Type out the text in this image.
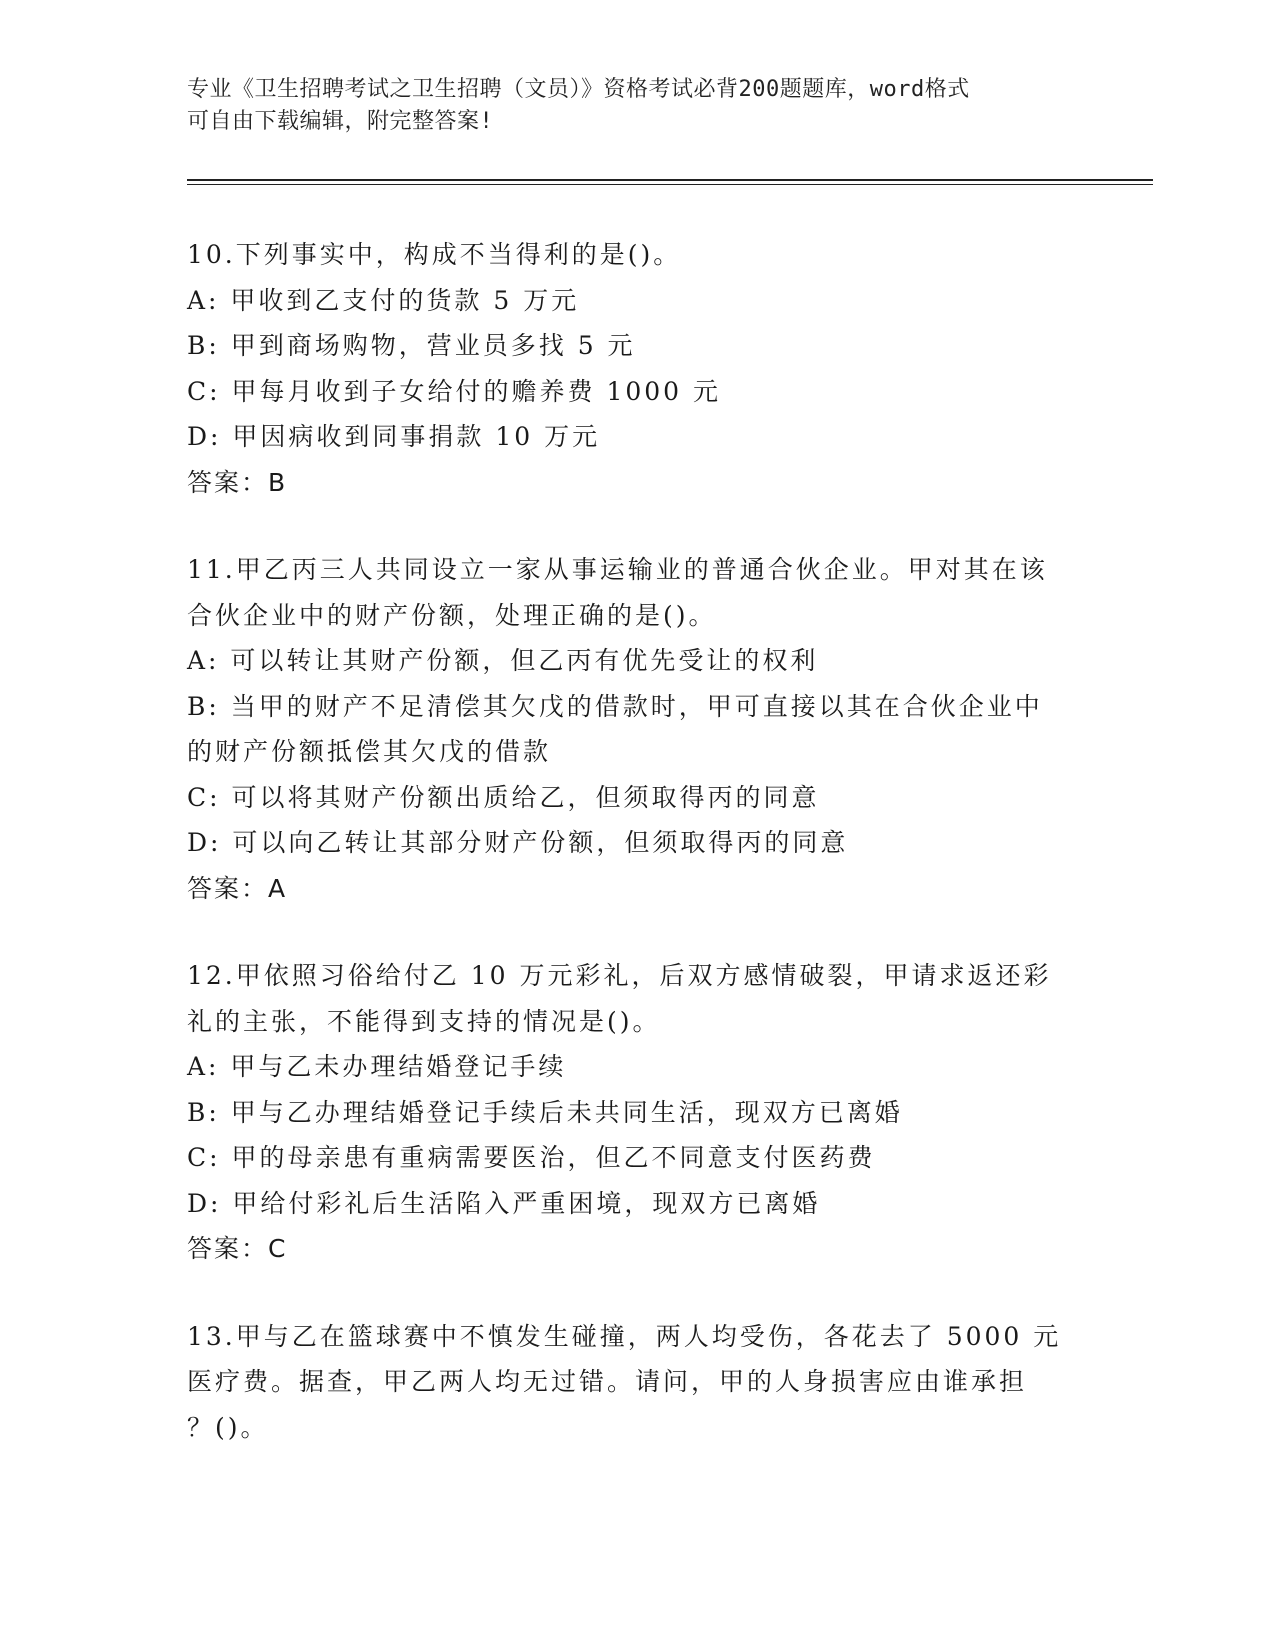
专业《卫生招聘考试之卫生招聘（文员）》资格考试必背200题题库，word格式
可自由下载编辑，附完整答案!
10.下列事实中，构成不当得利的是()。
A: 甲收到乙支付的货款 5 万元
B: 甲到商场购物，营业员多找 5 元
C: 甲每月收到子女给付的赡养费 1000 元
D: 甲因病收到同事捐款 10 万元
答案：B
11.甲乙丙三人共同设立一家从事运输业的普通合伙企业。甲对其在该
合伙企业中的财产份额，处理正确的是()。
A: 可以转让其财产份额，但乙丙有优先受让的权利
B: 当甲的财产不足清偿其欠戊的借款时，甲可直接以其在合伙企业中
的财产份额抵偿其欠戊的借款
C: 可以将其财产份额出质给乙，但须取得丙的同意
D: 可以向乙转让其部分财产份额，但须取得丙的同意
答案：A
12.甲依照习俗给付乙 10 万元彩礼，后双方感情破裂，甲请求返还彩
礼的主张，不能得到支持的情况是()。
A: 甲与乙未办理结婚登记手续
B: 甲与乙办理结婚登记手续后未共同生活，现双方已离婚
C: 甲的母亲患有重病需要医治，但乙不同意支付医药费
D: 甲给付彩礼后生活陷入严重困境，现双方已离婚
答案：C
13.甲与乙在篮球赛中不慎发生碰撞，两人均受伤，各花去了 5000 元
医疗费。据查，甲乙两人均无过错。请问，甲的人身损害应由谁承担
？()。
